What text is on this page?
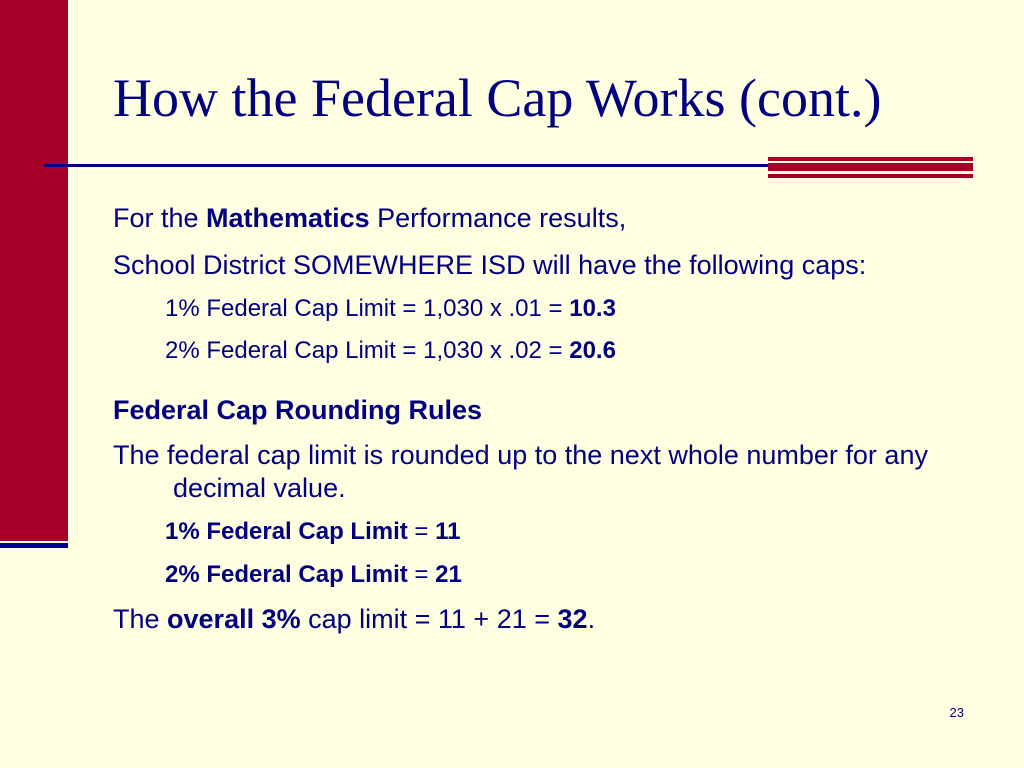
How the Federal Cap Works (cont.)

For the Mathematics Performance results,

School District SOMEWHERE ISD will have the following caps:

1% Federal Cap Limit = 1,030 x .01 = 10.3

2% Federal Cap Limit = 1,030 x .02 = 20.6

Federal Cap Rounding Rules

The federal cap limit is rounded up to the next whole number for any decimal value.

1% Federal Cap Limit = 11

2% Federal Cap Limit = 21

The overall 3% cap limit = 11 + 21 = 32.

23
